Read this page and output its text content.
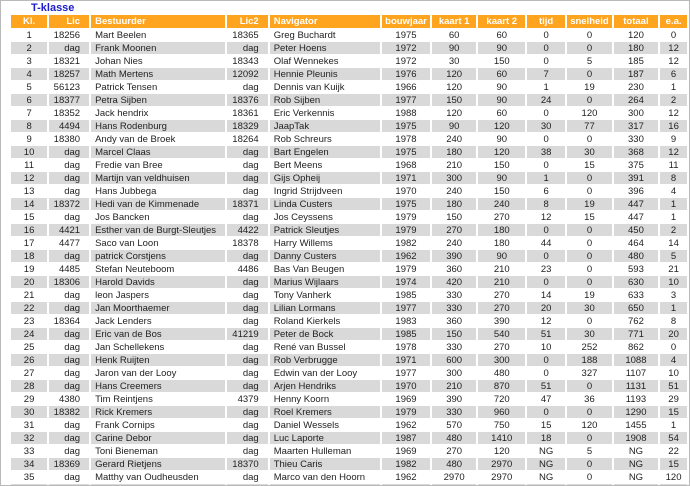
T-klasse
Kl.	Lic	Bestuurder	Lic2	Navigator	bouwjaar	kaart 1	kaart 2	tijd	snelheid	totaal	e.a.
1	18256	Mart Beelen	18365	Greg Buchardt	1975	60	60	0	0	120	0
2	dag	Frank Moonen	dag	Peter Hoens	1972	90	90	0	0	180	12
3	18321	Johan Nies	18343	Olaf Wennekes	1972	30	150	0	5	185	12
4	18257	Math Mertens	12092	Hennie Pleunis	1976	120	60	7	0	187	6
5	56123	Patrick Tensen	dag	Dennis van Kuijk	1966	120	90	1	19	230	1
6	18377	Petra Sijben	18376	Rob Sijben	1977	150	90	24	0	264	2
7	18352	Jack hendrix	18361	Eric Verkennis	1988	120	60	0	120	300	12
8	4494	Hans Rodenburg	18329	JaapTak	1975	90	120	30	77	317	16
9	18380	Andy van de Broek	18264	Rob Schreurs	1978	240	90	0	0	330	9
10	dag	Marcel Claas	dag	Bart Engelen	1975	180	120	38	30	368	12
11	dag	Fredie van Bree	dag	Bert Meens	1968	210	150	0	15	375	11
12	dag	Martijn van veldhuisen	dag	Gijs Opheij	1971	300	90	1	0	391	8
13	dag	Hans Jubbega	dag	Ingrid Strijdveen	1970	240	150	6	0	396	4
14	18372	Hedi van de Kimmenade	18371	Linda Custers	1975	180	240	8	19	447	1
15	dag	Jos Bancken	dag	Jos Ceyssens	1979	150	270	12	15	447	1
16	4421	Esther van de Burgt-Sleutjes	4422	Patrick Sleutjes	1979	270	180	0	0	450	2
17	4477	Saco van Loon	18378	Harry Willems	1982	240	180	44	0	464	14
18	dag	patrick Corstjens	dag	Danny Custers	1962	390	90	0	0	480	5
19	4485	Stefan Neuteboom	4486	Bas Van Beugen	1979	360	210	23	0	593	21
20	18306	Harold Davids	dag	Marius Wijlaars	1974	420	210	0	0	630	10
21	dag	leon Jaspers	dag	Tony Vanherk	1985	330	270	14	19	633	3
22	dag	Jan Moorthaemer	dag	Lilian Lormans	1977	330	270	20	30	650	1
23	18364	Jack Lenders	dag	Roland Kierkels	1983	360	390	12	0	762	8
24	dag	Eric van de Bos	41219	Peter de Bock	1985	150	540	51	30	771	20
25	dag	Jan Schellekens	dag	René van Bussel	1978	330	270	10	252	862	0
26	dag	Henk Ruijten	dag	Rob Verbrugge	1971	600	300	0	188	1088	4
27	dag	Jaron van der Looy	dag	Edwin van der Looy	1977	300	480	0	327	1107	10
28	dag	Hans Creemers	dag	Arjen Hendriks	1970	210	870	51	0	1131	51
29	4380	Tim Reintjens	4379	Henny Koorn	1969	390	720	47	36	1193	29
30	18382	Rick Kremers	dag	Roel Kremers	1979	330	960	0	0	1290	15
31	dag	Frank Cornips	dag	Daniel Wessels	1962	570	750	15	120	1455	1
32	dag	Carine Debor	dag	Luc Laporte	1987	480	1410	18	0	1908	54
33	dag	Toni Bieneman	dag	Maarten Hulleman	1969	270	120	NG	5	NG	22
34	18369	Gerard Rietjens	18370	Thieu Caris	1982	480	2970	NG	0	NG	15
35	dag	Matthy van Oudheusden	dag	Marco van den Hoorn	1962	2970	2970	NG	0	NG	120
